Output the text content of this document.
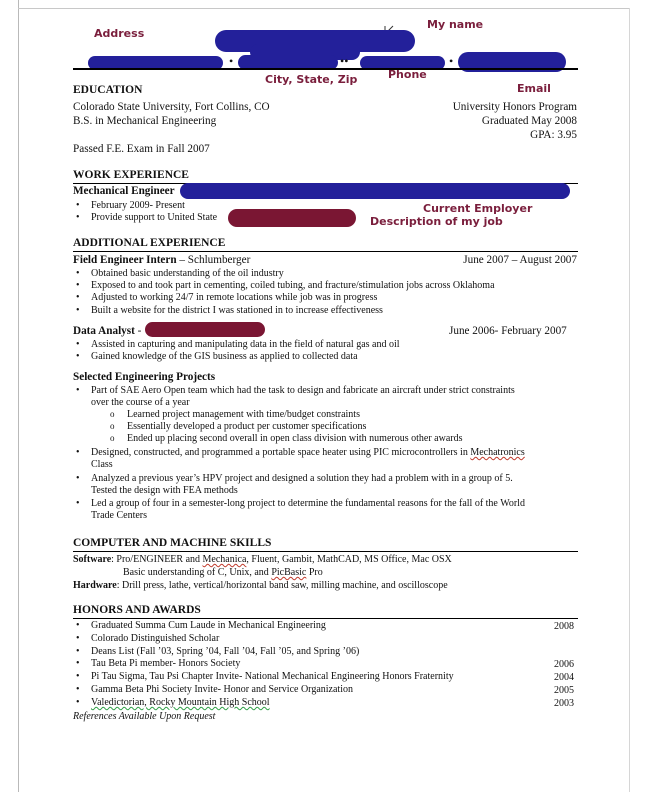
Address
My name
•	••	•
City, State, Zip	Phone
Email
EDUCATION
Colorado State University, Fort Collins, CO	University Honors Program
B.S. in Mechanical Engineering	Graduated May 2008
GPA: 3.95
Passed F.E. Exam in Fall 2007
WORK EXPERIENCE
Mechanical Engineer
• February 2009- Present
• Provide support to United State
Current Employer
Description of my job
ADDITIONAL EXPERIENCE
Field Engineer Intern – Schlumberger	June 2007 – August 2007
• Obtained basic understanding of the oil industry
• Exposed to and took part in cementing, coiled tubing, and fracture/stimulation jobs across Oklahoma
• Adjusted to working 24/7 in remote locations while job was in progress
• Built a website for the district I was stationed in to increase effectiveness
Data Analyst -	June 2006- February 2007
• Assisted in capturing and manipulating data in the field of natural gas and oil
• Gained knowledge of the GIS business as applied to collected data
Selected Engineering Projects
• Part of SAE Aero Open team which had the task to design and fabricate an aircraft under strict constraints
over the course of a year
o Learned project management with time/budget constraints
o Essentially developed a product per customer specifications
o Ended up placing second overall in open class division with numerous other awards
• Designed, constructed, and programmed a portable space heater using PIC microcontrollers in Mechatronics
Class
• Analyzed a previous year’s HPV project and designed a solution they had a problem with in a group of 5.
Tested the design with FEA methods
• Led a group of four in a semester-long project to determine the fundamental reasons for the fall of the World
Trade Centers
COMPUTER AND MACHINE SKILLS
Software: Pro/ENGINEER and Mechanica, Fluent, Gambit, MathCAD, MS Office, Mac OSX
Basic understanding of C, Unix, and PicBasic Pro
Hardware: Drill press, lathe, vertical/horizontal band saw, milling machine, and oscilloscope
HONORS AND AWARDS
• Graduated Summa Cum Laude in Mechanical Engineering	2008
• Colorado Distinguished Scholar
• Deans List (Fall ’03, Spring ’04, Fall ’04, Fall ’05, and Spring ’06)
• Tau Beta Pi member- Honors Society	2006
• Pi Tau Sigma, Tau Psi Chapter Invite- National Mechanical Engineering Honors Fraternity	2004
• Gamma Beta Phi Society Invite- Honor and Service Organization	2005
• Valedictorian, Rocky Mountain High School	2003
References Available Upon Request
